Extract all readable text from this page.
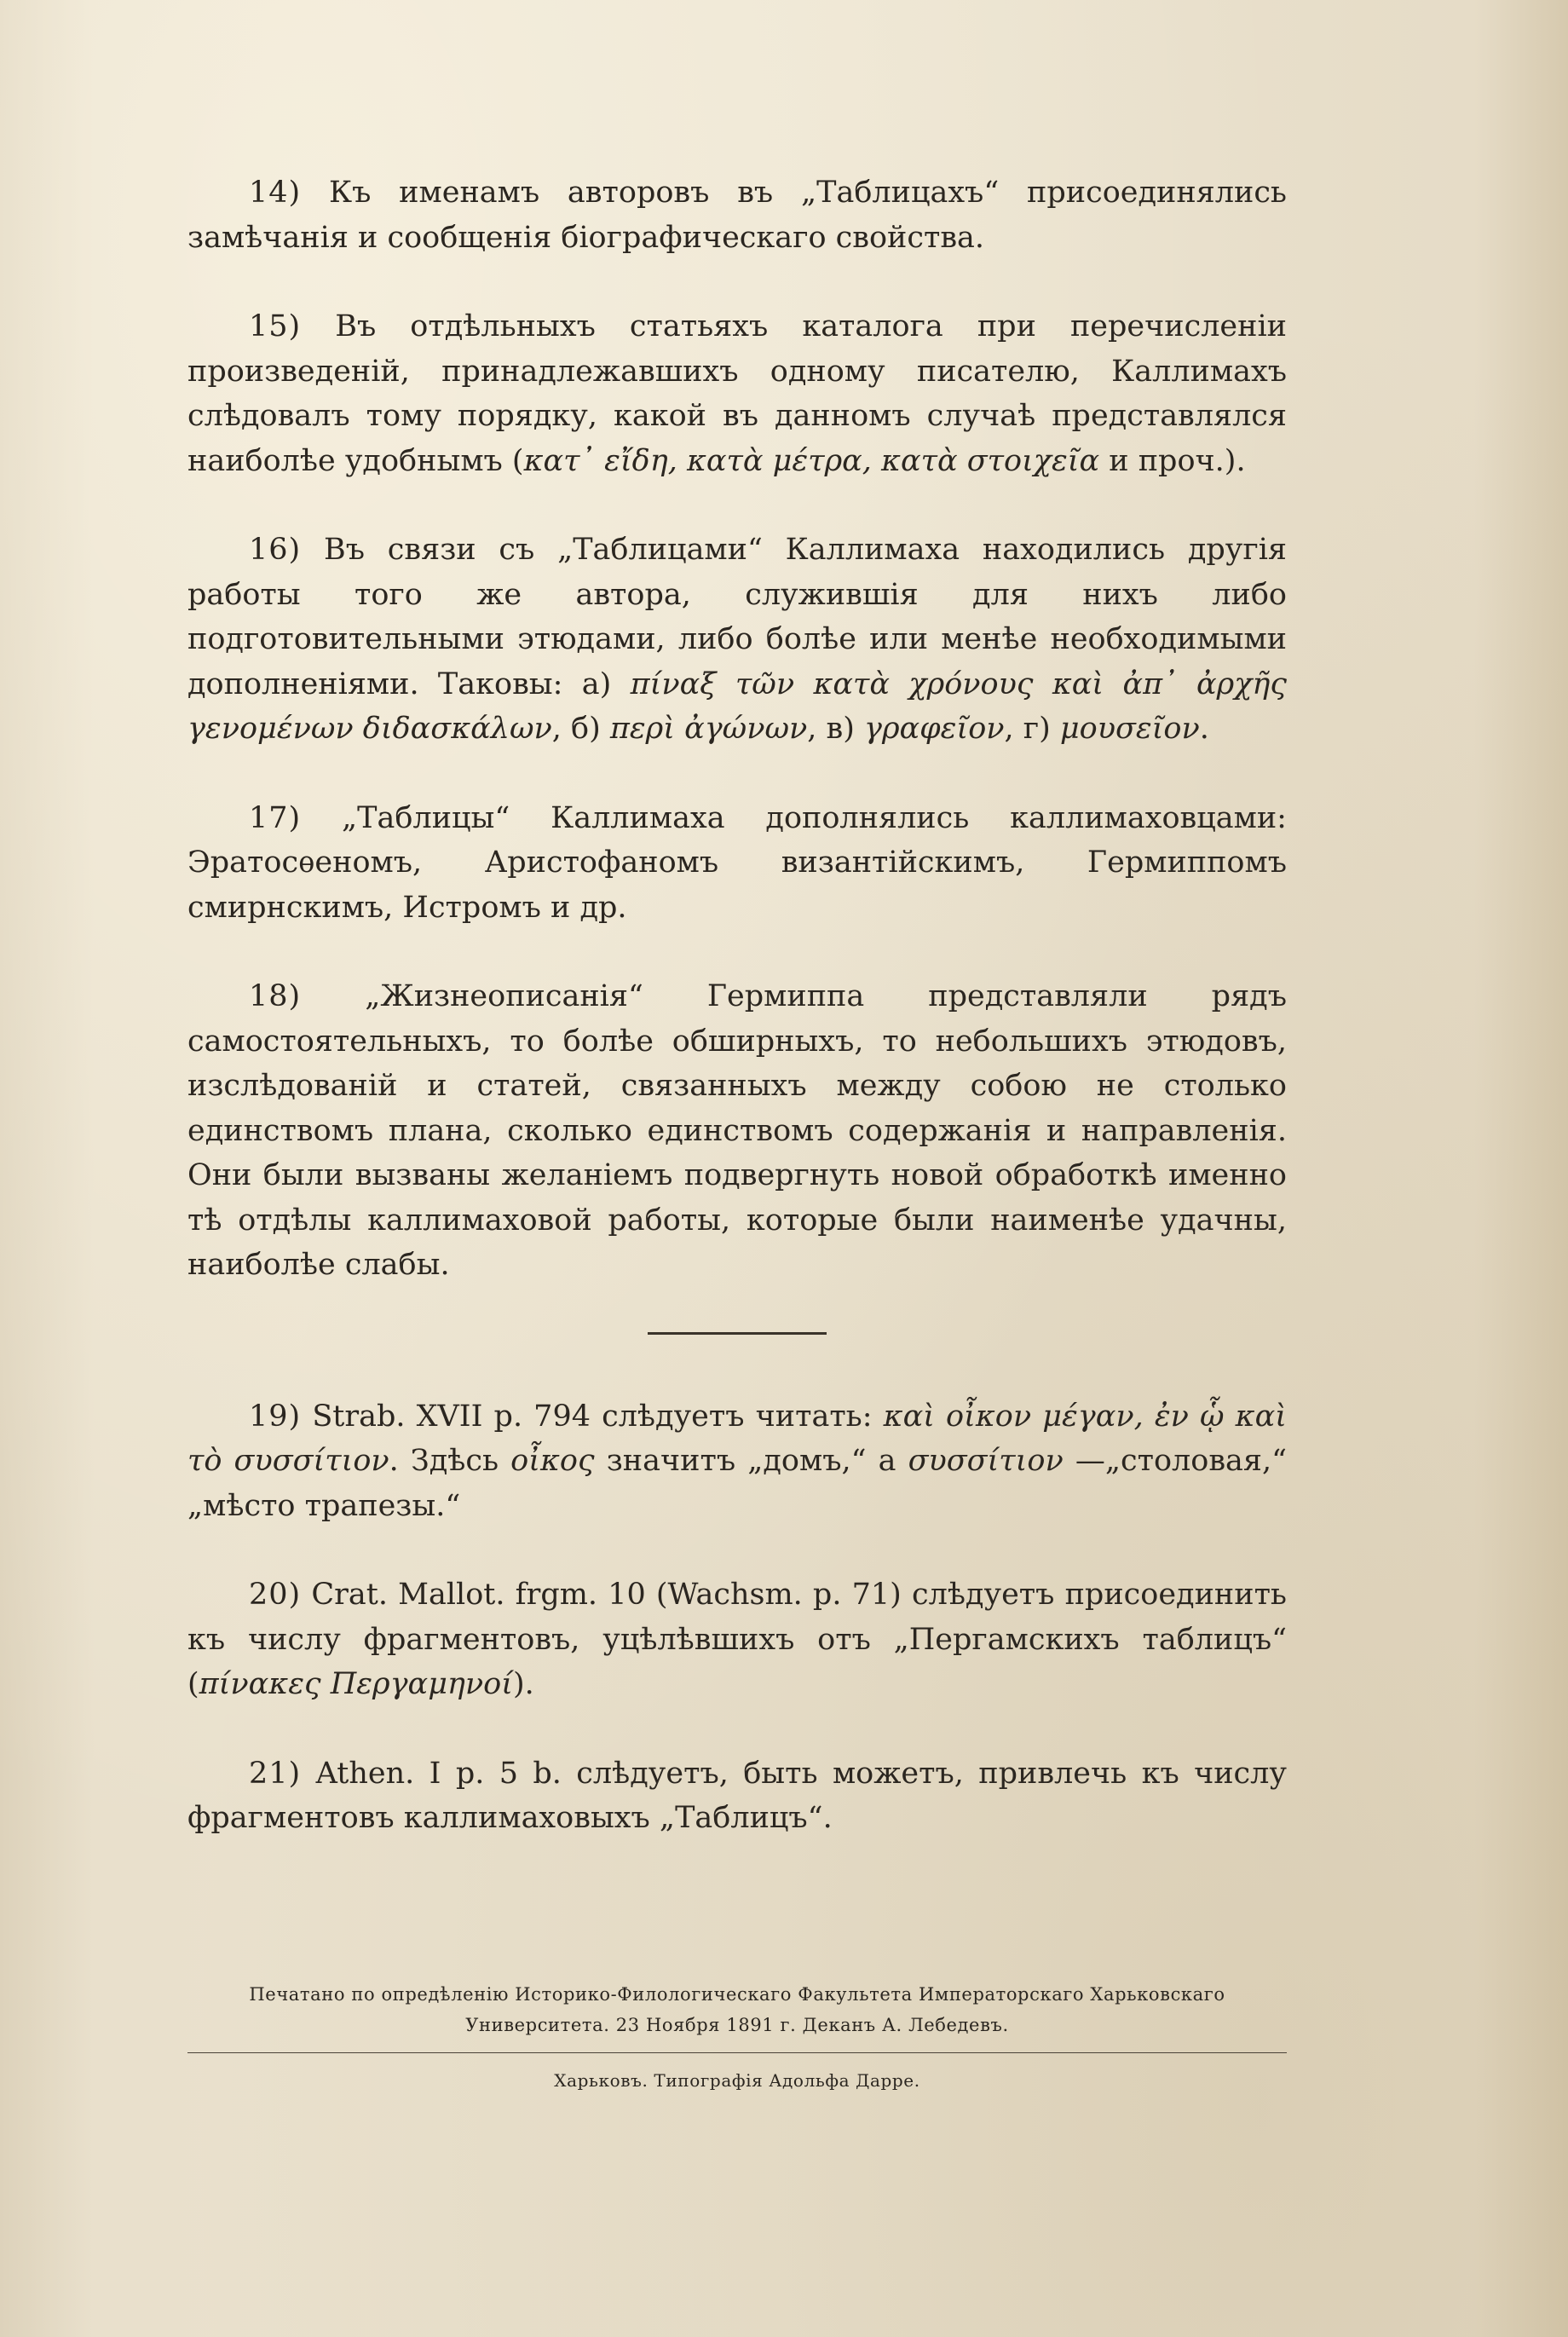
14) Къ именамъ авторовъ въ „Таблицахъ“ присоединялись замѣчанія и сообщенія біографическаго свойства.

15) Въ отдѣльныхъ статьяхъ каталога при перечисленіи произведеній, принадлежавшихъ одному писателю, Каллимахъ слѣдовалъ тому порядку, какой въ данномъ случаѣ представлялся наиболѣе удобнымъ (κατ᾽ εἴδη, κατὰ μέτρα, κατὰ στοιχεῖα и проч.).

16) Въ связи съ „Таблицами“ Каллимаха находились другія работы того же автора, служившія для нихъ либо подготовительными этюдами, либо болѣе или менѣе необходимыми дополненіями. Таковы: а) πίναξ τῶν κατὰ χρόνους καὶ ἀπ᾽ ἀρχῆς γενομένων διδασκάλων, б) περὶ ἀγώνων, в) γραφεῖον, г) μουσεῖον.

17) „Таблицы“ Каллимаха дополнялись каллимаховцами: Эратосѳеномъ, Аристофаномъ византійскимъ, Гермиппомъ смирнскимъ, Истромъ и др.

18) „Жизнеописанія“ Гермиппа представляли рядъ самостоятельныхъ, то болѣе обширныхъ, то небольшихъ этюдовъ, изслѣдованій и статей, связанныхъ между собою не столько единствомъ плана, сколько единствомъ содержанія и направленія. Они были вызваны желаніемъ подвергнуть новой обработкѣ именно тѣ отдѣлы каллимаховой работы, которые были наименѣе удачны, наиболѣе слабы.

19) Strab. XVII p. 794 слѣдуетъ читать: καὶ οἶκον μέγαν, ἐν ᾧ καὶ τὸ συσσίτιον. Здѣсь οἶκος значитъ „домъ,“ а συσσίτιον —„столовая,“ „мѣсто трапезы.“

20) Crat. Mallot. frgm. 10 (Wachsm. p. 71) слѣдуетъ присоединить къ числу фрагментовъ, уцѣлѣвшихъ отъ „Пергамскихъ таблицъ“ (πίνακες Περγαμηνοί).

21) Athen. I p. 5 b. слѣдуетъ, быть можетъ, привлечь къ числу фрагментовъ каллимаховыхъ „Таблицъ“.

Печатано по опредѣленію Историко-Филологическаго Факультета Императорскаго Харьковскаго Университета. 23 Ноября 1891 г. Деканъ А. Лебедевъ.
Харьковъ. Типографія Адольфа Дарре.
